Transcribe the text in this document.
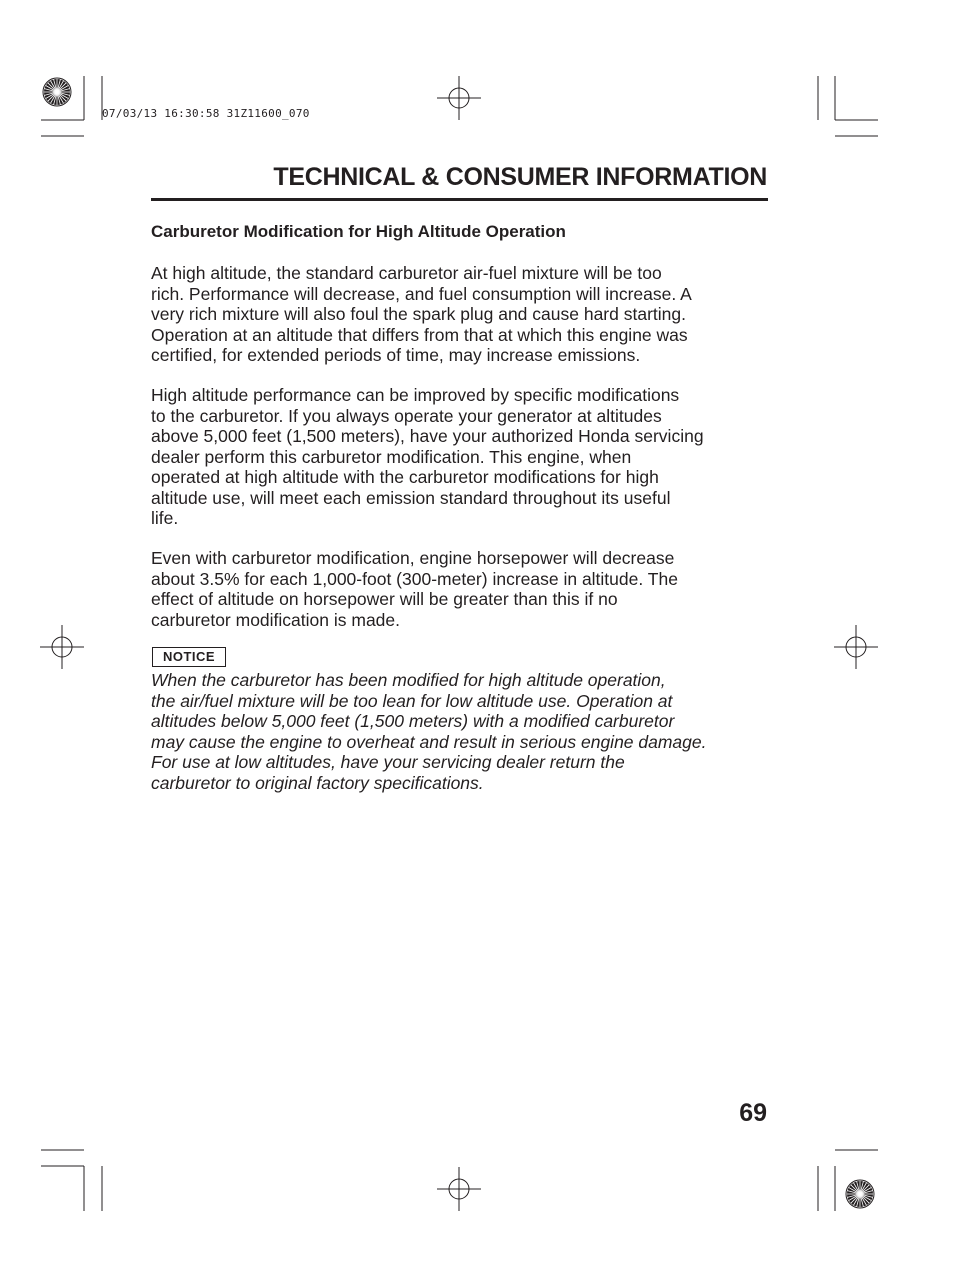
07/03/13 16:30:58 31Z11600_070
TECHNICAL & CONSUMER INFORMATION
Carburetor Modification for High Altitude Operation

At high altitude, the standard carburetor air-fuel mixture will be too
rich. Performance will decrease, and fuel consumption will increase. A
very rich mixture will also foul the spark plug and cause hard starting.
Operation at an altitude that differs from that at which this engine was
certified, for extended periods of time, may increase emissions.

High altitude performance can be improved by specific modifications
to the carburetor. If you always operate your generator at altitudes
above 5,000 feet (1,500 meters), have your authorized Honda servicing
dealer perform this carburetor modification. This engine, when
operated at high altitude with the carburetor modifications for high
altitude use, will meet each emission standard throughout its useful
life.

Even with carburetor modification, engine horsepower will decrease
about 3.5% for each 1,000-foot (300-meter) increase in altitude. The
effect of altitude on horsepower will be greater than this if no
carburetor modification is made.

NOTICE

When the carburetor has been modified for high altitude operation,
the air/fuel mixture will be too lean for low altitude use. Operation at
altitudes below 5,000 feet (1,500 meters) with a modified carburetor
may cause the engine to overheat and result in serious engine damage.
For use at low altitudes, have your servicing dealer return the
carburetor to original factory specifications.

69
